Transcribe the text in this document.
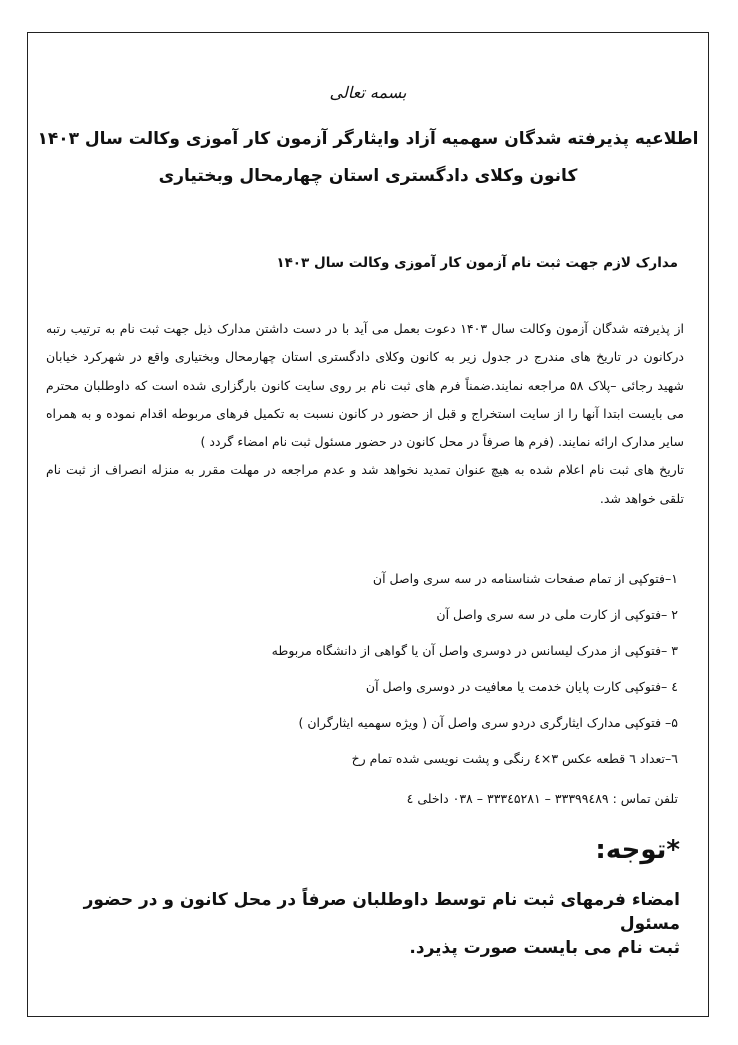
بسمه تعالی
اطلاعیه پذیرفته شدگان سهمیه آزاد وایثارگر آزمون کار آموزی وکالت سال ۱۴۰۳
کانون وکلای دادگستری استان چهارمحال وبختیاری
مدارک لازم جهت ثبت نام آزمون کار آموزی وکالت سال ۱۴۰۳

از پذیرفته شدگان آزمون وکالت سال ۱۴۰۳ دعوت بعمل می آید با در دست داشتن مدارک ذیل جهت ثبت نام به ترتیب رتبه درکانون در تاریخ های مندرج در جدول زیر به کانون وکلای دادگستری استان چهارمحال وبختیاری واقع در شهرکرد خیابان شهید رجائی –پلاک ۵۸ مراجعه نمایند.ضمناً فرم های ثبت نام بر روی سایت کانون بارگزاری شده است که داوطلبان محترم می بایست ابتدا آنها را از سایت استخراج و قبل از حضور در کانون نسبت به تکمیل فرهای مربوطه اقدام نموده و به همراه سایر مدارک ارائه نمایند. (فرم ها صرفاً در محل کانون در حضور مسئول ثبت نام امضاء گردد )

تاریخ های ثبت نام اعلام شده به هیچ عنوان تمدید نخواهد شد و عدم مراجعه در مهلت مقرر به منزله انصراف از ثبت نام تلقی خواهد شد.

۱–فتوکپی از تمام صفحات شناسنامه در سه سری واصل آن
۲ –فتوکپی از کارت ملی در سه سری واصل آن
۳ –فتوکپی از مدرک لیسانس در دوسری واصل آن یا گواهی از دانشگاه مربوطه
٤ –فتوکپی کارت پایان خدمت یا معافیت در دوسری واصل آن
۵– فتوکپی مدارک ایثارگری دردو سری واصل آن ( ویژه سهمیه ایثارگران )
٦–تعداد ٦ قطعه عکس ۳×٤ رنگی و پشت نویسی شده تمام رخ
تلفن تماس : ۳۳۳۹۹٤۸۹ – ۳۳۳٤۵۲۸۱ – ۰۳۸ داخلی ٤
*توجه:

امضاء فرمهای ثبت نام توسط داوطلبان صرفاً در محل کانون و در حضور مسئول

ثبت نام می بایست صورت پذیرد.
